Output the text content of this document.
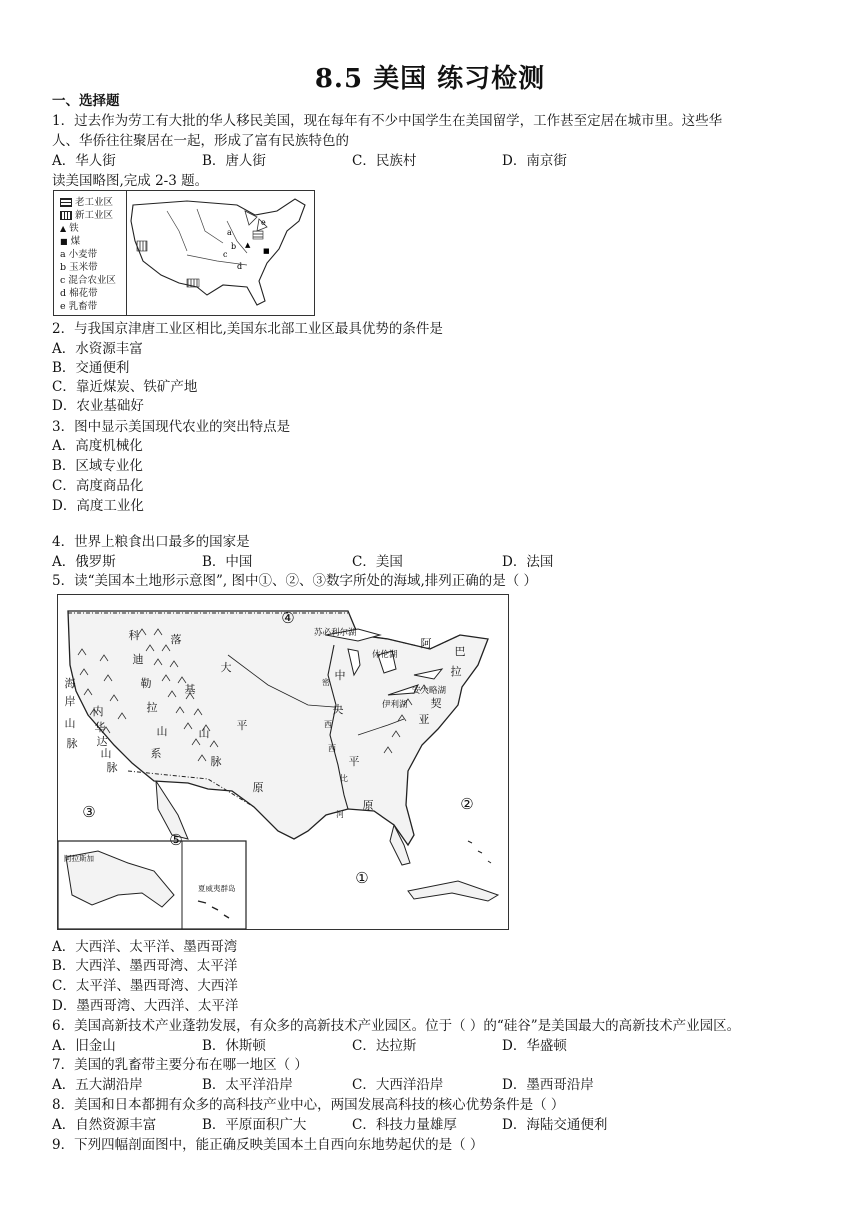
8.5 美国 练习检测
一、选择题
1．过去作为劳工有大批的华人移民美国，现在每年有不少中国学生在美国留学，工作甚至定居在城市里。这些华
人、华侨往往聚居在一起，形成了富有民族特色的
A．华人街	B．唐人街	C．民族村	D．南京街
读美国略图,完成 2-3 题。
老工业区
新工业区
▲ 铁
■ 煤
a 小麦带
b 玉米带
c 混合农业区
d 棉花带
e 乳畜带
a
b
c
d
e
▲
■
2．与我国京津唐工业区相比,美国东北部工业区最具优势的条件是
A．水资源丰富
B．交通便利
C．靠近煤炭、铁矿产地
D．农业基础好
3．图中显示美国现代农业的突出特点是
A．高度机械化
B．区域专业化
C．高度商品化
D．高度工业化
4．世界上粮食出口最多的国家是
A．俄罗斯	B．中国	C．美国	D．法国
5．读“美国本土地形示意图”, 图中①、②、③数字所处的海域,排列正确的是（ ）
④
③
⑤
②
①
苏必利尔湖
休伦湖
安大略湖
伊利湖
科
迪
勒
拉
山
系
落
基
山
脉
海
岸
山
脉
内
华
达
山
脉
大
平
原
中
央
平
原
阿
巴
拉
契
亚
密
西
西
比
河
阿拉斯加
夏威夷群岛
A．大西洋、太平洋、墨西哥湾
B．大西洋、墨西哥湾、太平洋
C．太平洋、墨西哥湾、大西洋
D．墨西哥湾、大西洋、太平洋
6．美国高新技术产业蓬勃发展，有众多的高新技术产业园区。位于（ ）的“硅谷”是美国最大的高新技术产业园区。
A．旧金山	B．休斯顿	C．达拉斯	D．华盛顿
7．美国的乳畜带主要分布在哪一地区（ ）
A．五大湖沿岸	B．太平洋沿岸	C．大西洋沿岸	D．墨西哥沿岸
8．美国和日本都拥有众多的高科技产业中心，两国发展高科技的核心优势条件是（ ）
A．自然资源丰富	B．平原面积广大	C．科技力量雄厚	D．海陆交通便利
9．下列四幅剖面图中，能正确反映美国本土自西向东地势起伏的是（ ）
